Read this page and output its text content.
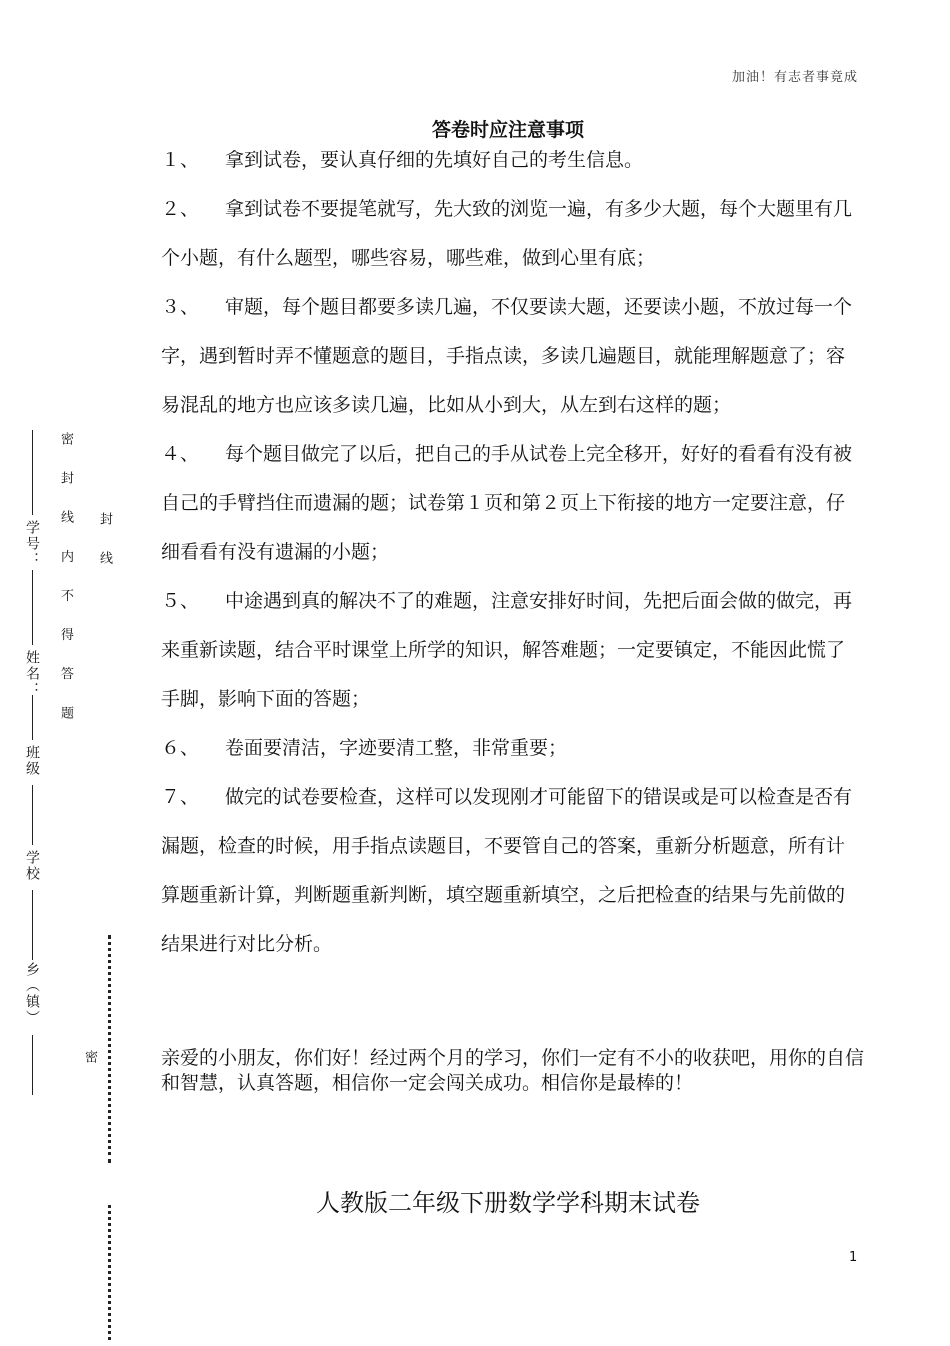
加油！有志者事竟成
答卷时应注意事项

１、 拿到试卷，要认真仔细的先填好自己的考生信息。

２、 拿到试卷不要提笔就写，先大致的浏览一遍，有多少大题，每个大题里有几个小题，有什么题型，哪些容易，哪些难，做到心里有底；

３、 审题，每个题目都要多读几遍，不仅要读大题，还要读小题，不放过每一个字，遇到暂时弄不懂题意的题目，手指点读，多读几遍题目，就能理解题意了；容易混乱的地方也应该多读几遍，比如从小到大，从左到右这样的题；

４、 每个题目做完了以后，把自己的手从试卷上完全移开，好好的看看有没有被自己的手臂挡住而遗漏的题；试卷第１页和第２页上下衔接的地方一定要注意，仔细看看有没有遗漏的小题；

５、 中途遇到真的解决不了的难题，注意安排好时间，先把后面会做的做完，再来重新读题，结合平时课堂上所学的知识，解答难题；一定要镇定，不能因此慌了手脚，影响下面的答题；

６、 卷面要清洁，字迹要清工整，非常重要；

７、 做完的试卷要检查，这样可以发现刚才可能留下的错误或是可以检查是否有漏题，检查的时候，用手指点读题目，不要管自己的答案，重新分析题意，所有计算题重新计算，判断题重新判断，填空题重新填空，之后把检查的结果与先前做的结果进行对比分析。

亲爱的小朋友，你们好！经过两个月的学习，你们一定有不小的收获吧，用你的自信和智慧，认真答题，相信你一定会闯关成功。相信你是最棒的！
人教版二年级下册数学学科期末试卷
1
学号：
姓名：
班级
学校
乡（镇）
密 封 线 内 不 得 答 题 封 线
密
